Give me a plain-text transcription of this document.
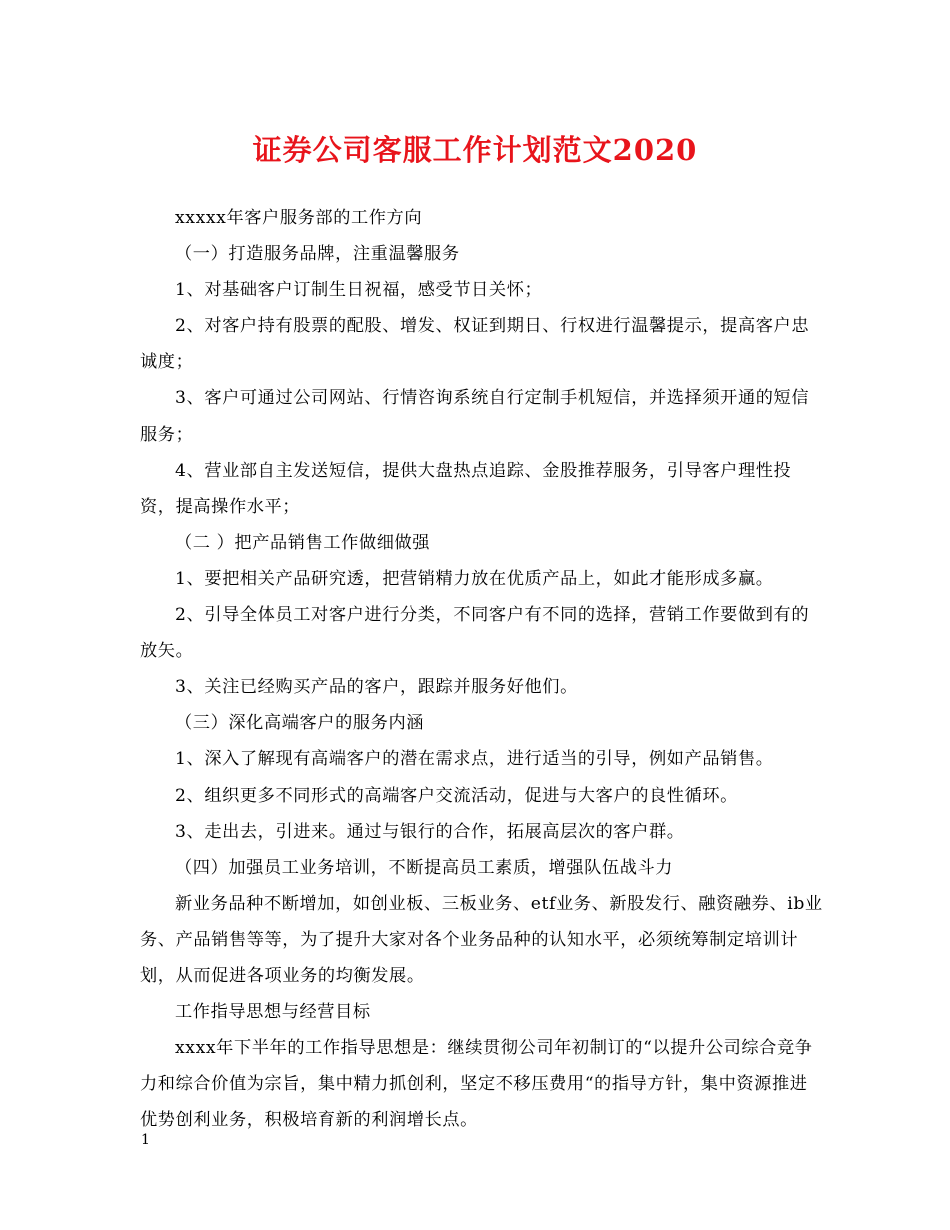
证券公司客服工作计划范文2020

xxxxx年客户服务部的工作方向

（一）打造服务品牌，注重温馨服务

1、对基础客户订制生日祝福，感受节日关怀；

2、对客户持有股票的配股、增发、权证到期日、行权进行温馨提示，提高客户忠诚度；

3、客户可通过公司网站、行情咨询系统自行定制手机短信，并选择须开通的短信服务；

4、营业部自主发送短信，提供大盘热点追踪、金股推荐服务，引导客户理性投资，提高操作水平；

（二 ）把产品销售工作做细做强

1、要把相关产品研究透，把营销精力放在优质产品上，如此才能形成多赢。

2、引导全体员工对客户进行分类，不同客户有不同的选择，营销工作要做到有的放矢。

3、关注已经购买产品的客户，跟踪并服务好他们。

（三）深化高端客户的服务内涵

1、深入了解现有高端客户的潜在需求点，进行适当的引导，例如产品销售。

2、组织更多不同形式的高端客户交流活动，促进与大客户的良性循环。

3、走出去，引进来。通过与银行的合作，拓展高层次的客户群。

（四）加强员工业务培训，不断提高员工素质，增强队伍战斗力

新业务品种不断增加，如创业板、三板业务、etf业务、新股发行、融资融券、ib业务、产品销售等等，为了提升大家对各个业务品种的认知水平，必须统筹制定培训计划，从而促进各项业务的均衡发展。

工作指导思想与经营目标

xxxx年下半年的工作指导思想是：继续贯彻公司年初制订的“以提升公司综合竞争力和综合价值为宗旨，集中精力抓创利，坚定不移压费用“的指导方针，集中资源推进优势创利业务，积极培育新的利润增长点。

1
